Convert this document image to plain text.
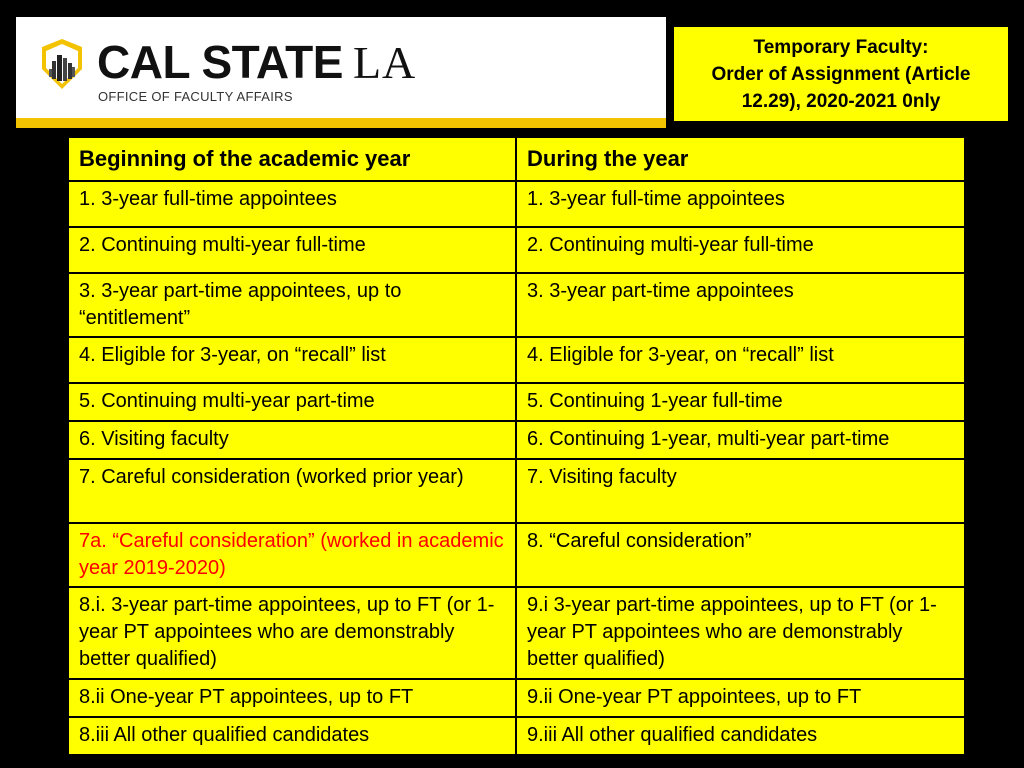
CAL STATE LA
OFFICE OF FACULTY AFFAIRS
Temporary Faculty:
Order of Assignment (Article
12.29), 2020-2021 0nly
Beginning of the academic year	During the year
1. 3-year full-time appointees	1. 3-year full-time appointees
2. Continuing multi-year full-time	2. Continuing multi-year full-time
3. 3-year part-time appointees, up to “entitlement”	3. 3-year part-time appointees
4. Eligible for 3-year, on “recall” list	4. Eligible for 3-year, on “recall” list
5. Continuing multi-year part-time	5. Continuing 1-year full-time
6. Visiting faculty	6. Continuing 1-year, multi-year part-time
7. Careful consideration (worked prior year)	7. Visiting faculty
7a. “Careful consideration” (worked in academic year 2019-2020)	8. “Careful consideration”
8.i. 3-year part-time appointees, up to FT (or 1-year PT appointees who are demonstrably better qualified)	9.i 3-year part-time appointees, up to FT (or 1-year PT appointees who are demonstrably better qualified)
8.ii One-year PT appointees, up to FT	9.ii One-year PT appointees, up to FT
8.iii All other qualified candidates	9.iii All other qualified candidates
